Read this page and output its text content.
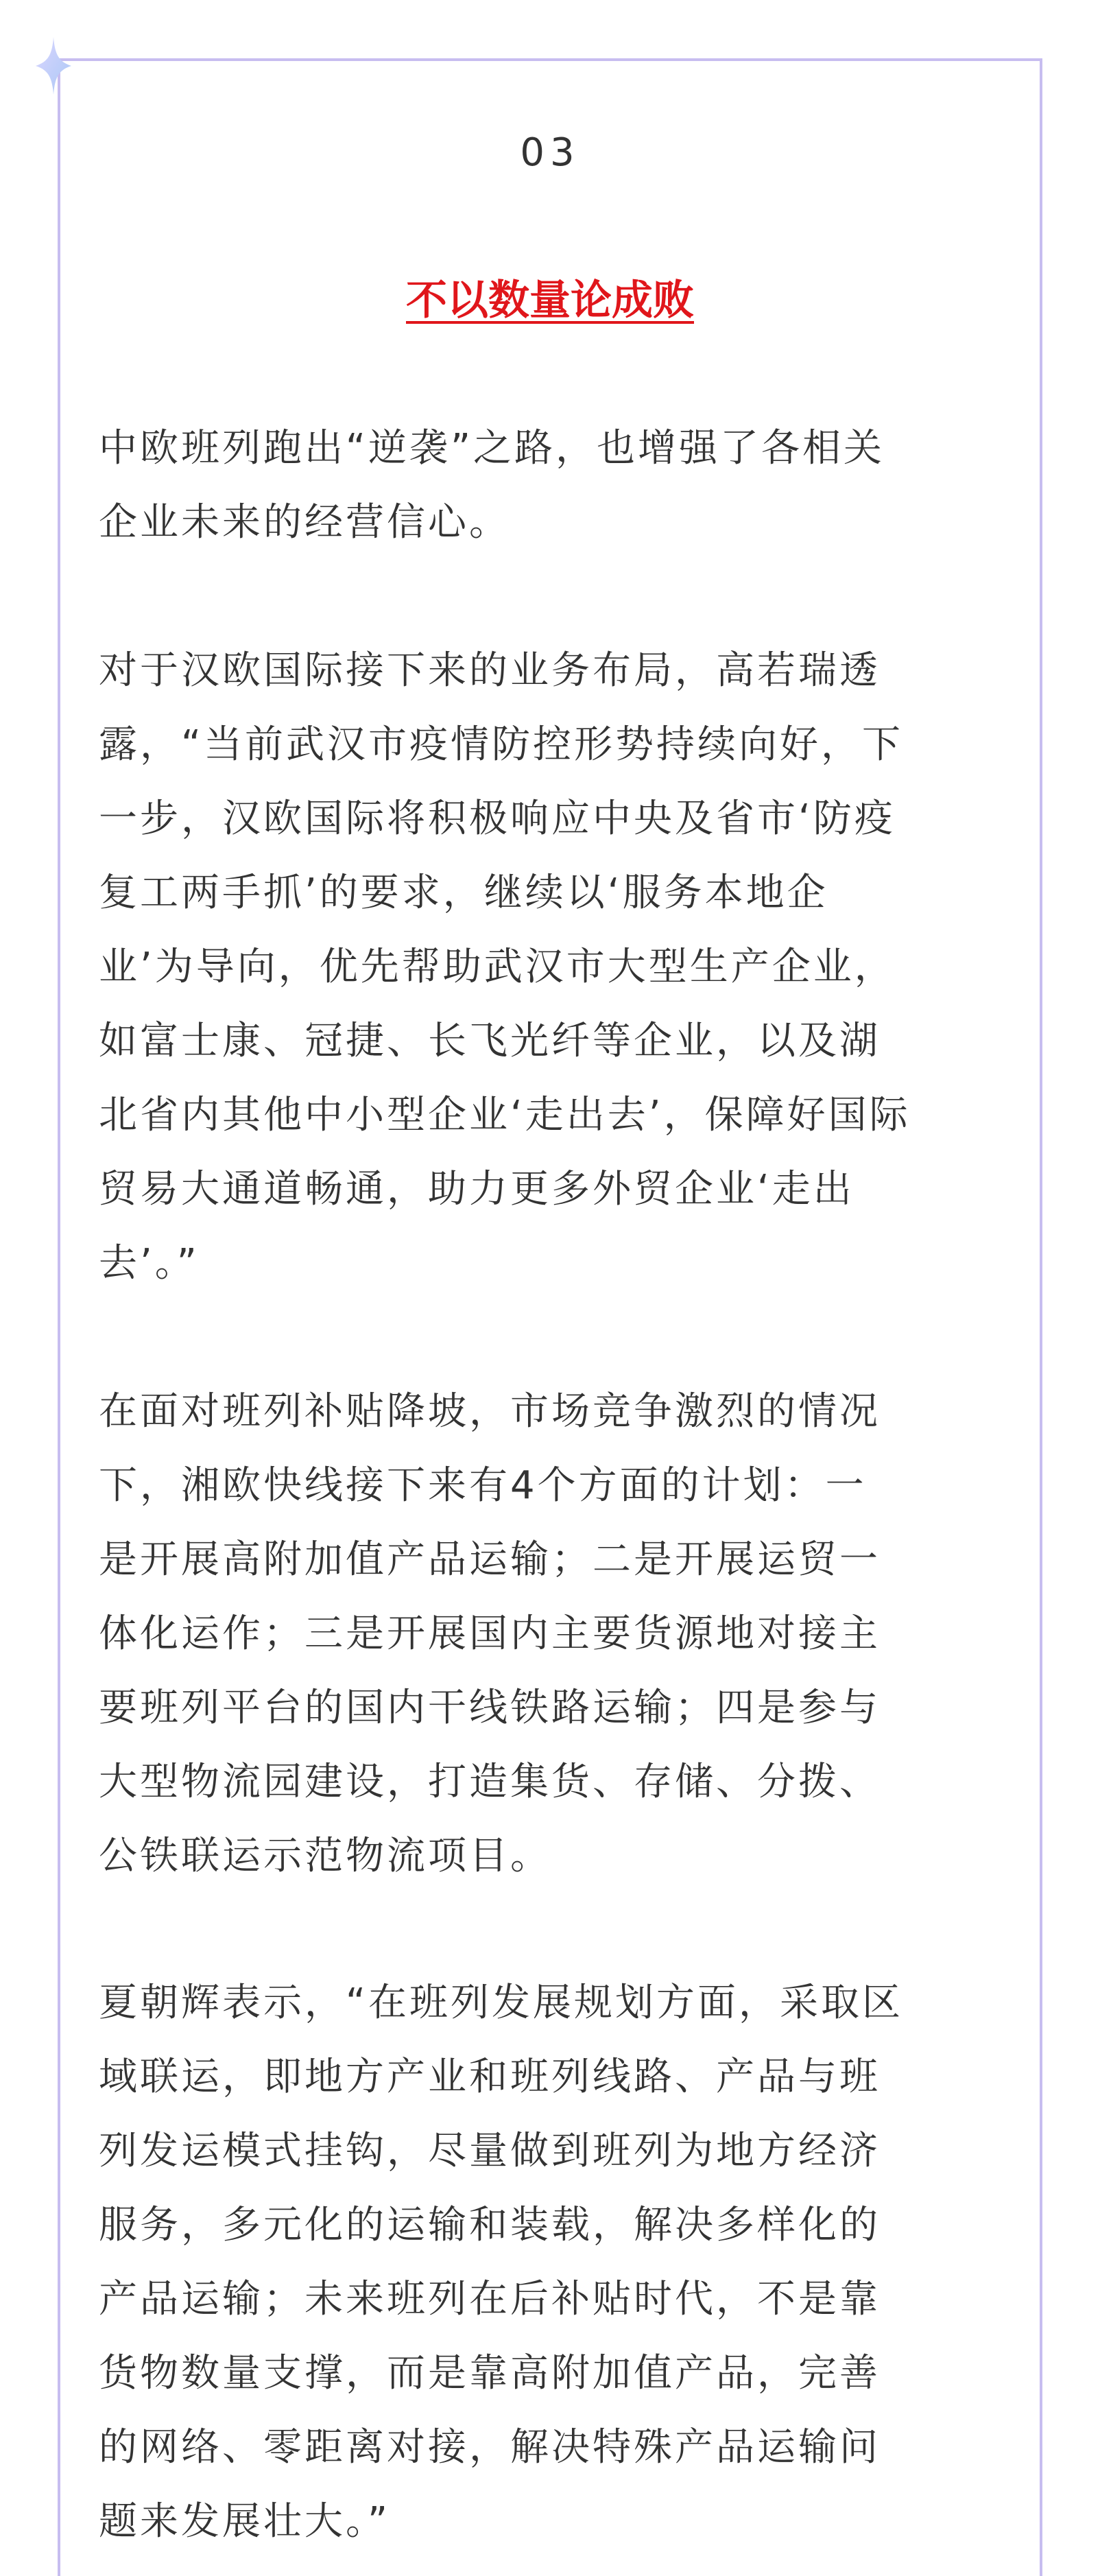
03
不以数量论成败

中欧班列跑出“逆袭”之路，也增强了各相关
企业未来的经营信心。

对于汉欧国际接下来的业务布局，高若瑞透
露，“当前武汉市疫情防控形势持续向好，下
一步，汉欧国际将积极响应中央及省市‘防疫
复工两手抓’的要求，继续以‘服务本地企
业’为导向，优先帮助武汉市大型生产企业，
如富士康、冠捷、长飞光纤等企业，以及湖
北省内其他中小型企业‘走出去’，保障好国际
贸易大通道畅通，助力更多外贸企业‘走出
去’。”

在面对班列补贴降坡，市场竞争激烈的情况
下，湘欧快线接下来有4个方面的计划：一
是开展高附加值产品运输；二是开展运贸一
体化运作；三是开展国内主要货源地对接主
要班列平台的国内干线铁路运输；四是参与
大型物流园建设，打造集货、存储、分拨、
公铁联运示范物流项目。

夏朝辉表示，“在班列发展规划方面，采取区
域联运，即地方产业和班列线路、产品与班
列发运模式挂钩，尽量做到班列为地方经济
服务，多元化的运输和装载，解决多样化的
产品运输；未来班列在后补贴时代，不是靠
货物数量支撑，而是靠高附加值产品，完善
的网络、零距离对接，解决特殊产品运输问
题来发展壮大。”
